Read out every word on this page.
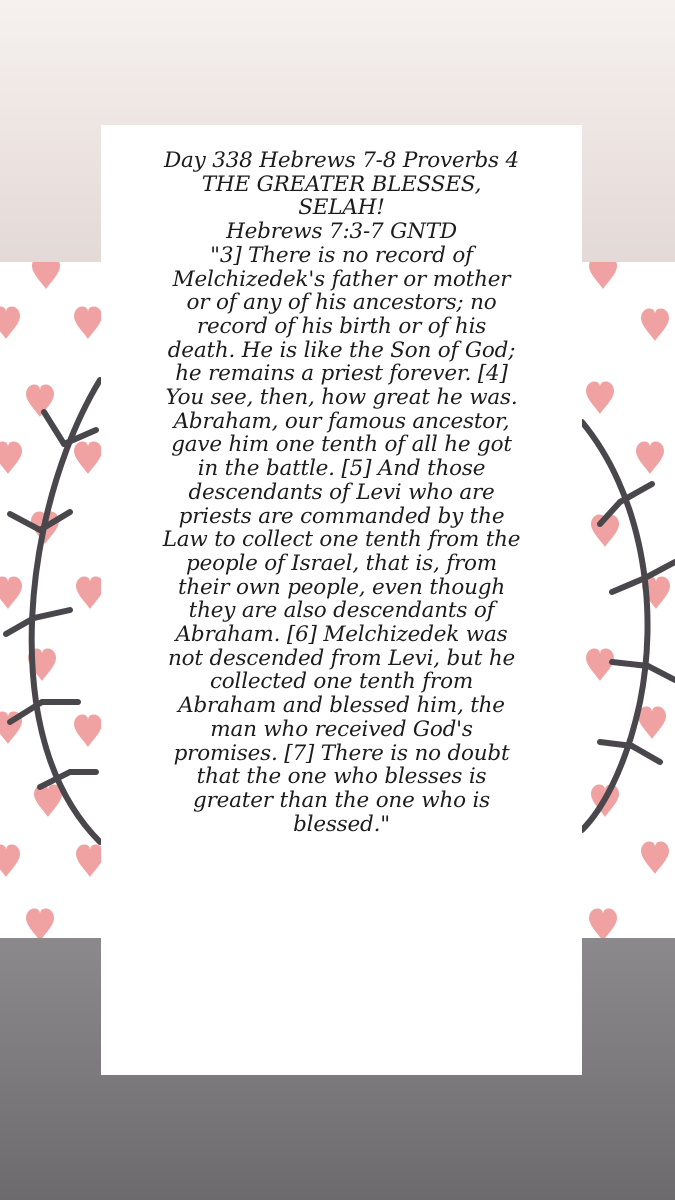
Day 338 Hebrews 7-8 Proverbs 4
THE GREATER BLESSES,
SELAH!
Hebrews 7:3-7 GNTD
"3] There is no record of
Melchizedek's father or mother
or of any of his ancestors; no
record of his birth or of his
death. He is like the Son of God;
he remains a priest forever. [4]
You see, then, how great he was.
Abraham, our famous ancestor,
gave him one tenth of all he got
in the battle. [5] And those
descendants of Levi who are
priests are commanded by the
Law to collect one tenth from the
people of Israel, that is, from
their own people, even though
they are also descendants of
Abraham. [6] Melchizedek was
not descended from Levi, but he
collected one tenth from
Abraham and blessed him, the
man who received God's
promises. [7] There is no doubt
that the one who blesses is
greater than the one who is
blessed."
